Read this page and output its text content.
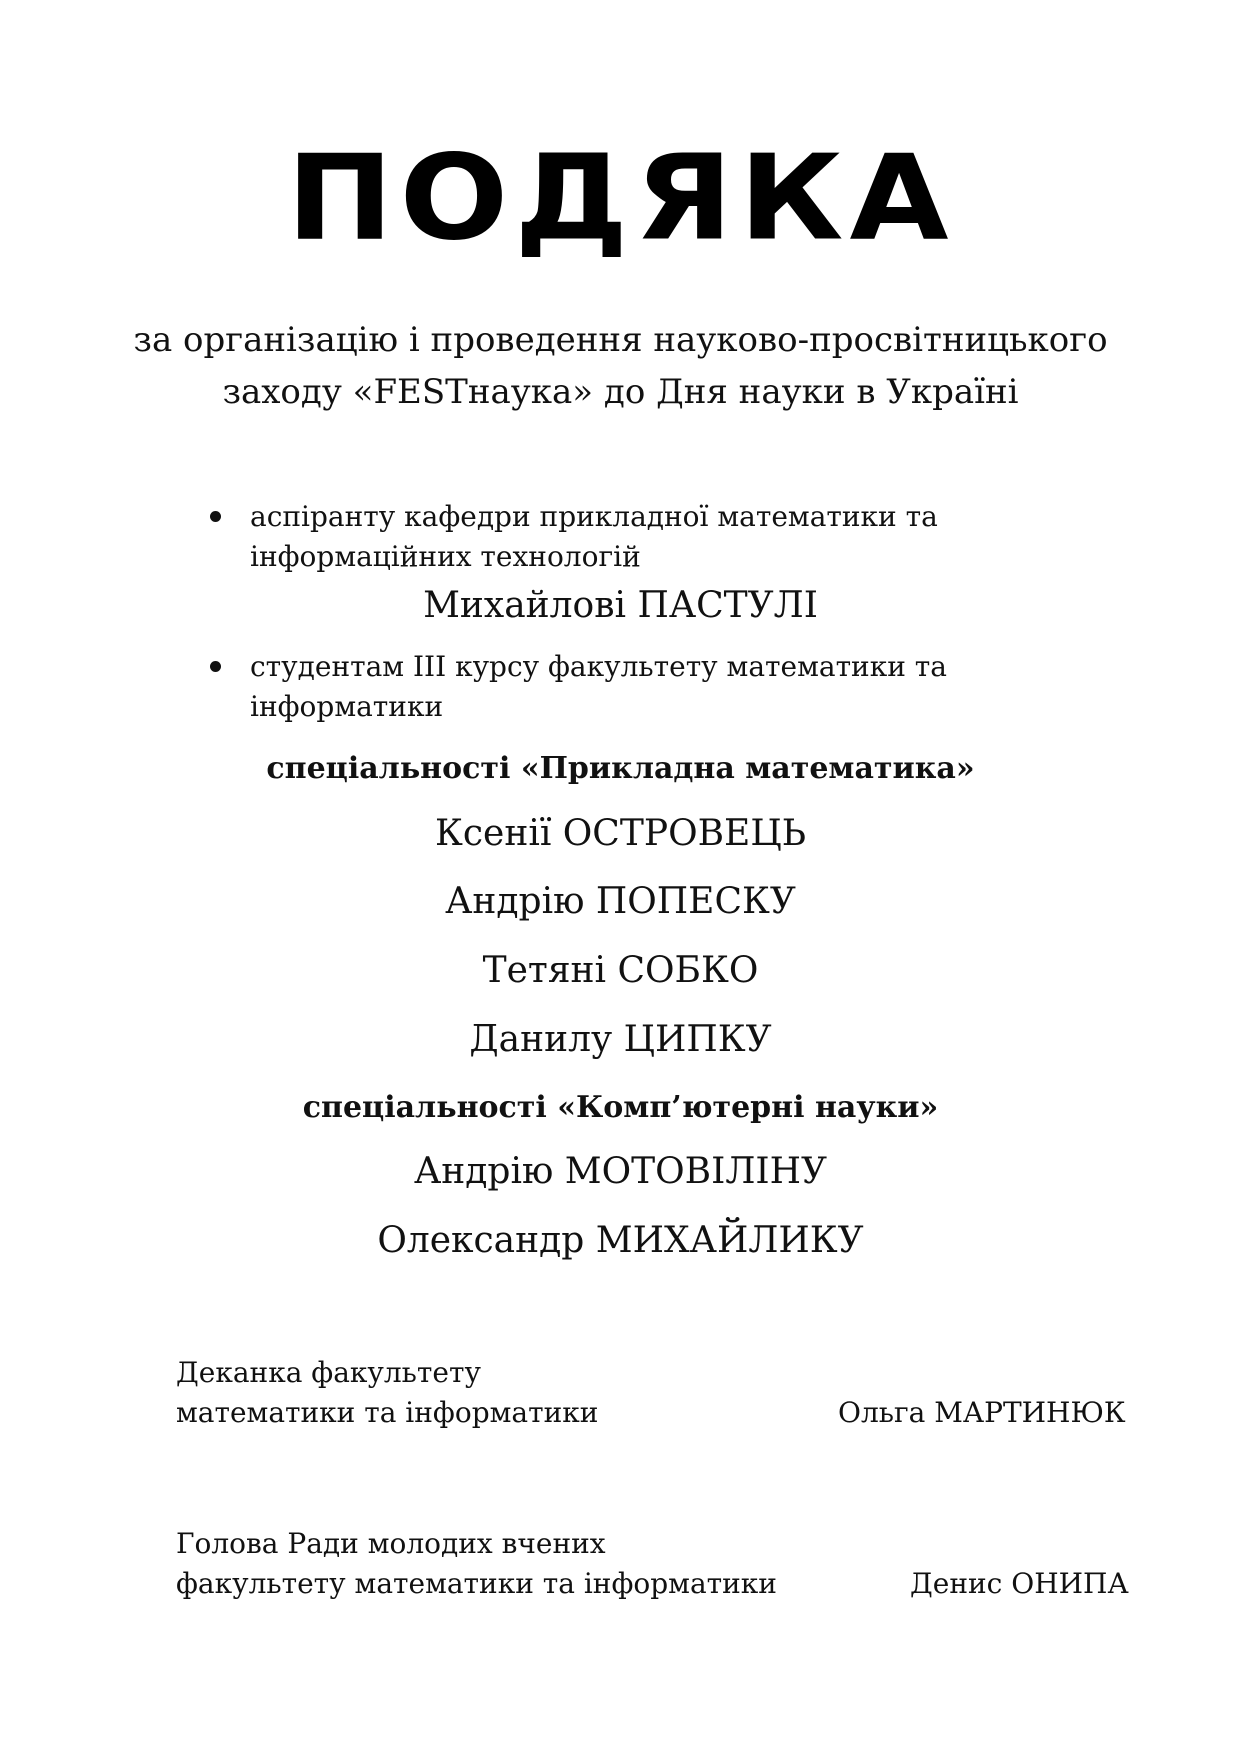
ПОДЯКА
за організацію і проведення науково-просвітницького
заходу «FESTнаука» до Дня науки в Україні
аспіранту кафедри прикладної математики та
інформаційних технологій
Михайлові ПАСТУЛІ
студентам ІІІ курсу факультету математики та
інформатики
спеціальності «Прикладна математика»
Ксенії ОСТРОВЕЦЬ
Андрію ПОПЕСКУ
Тетяні СОБКО
Данилу ЦИПКУ
спеціальності «Комп’ютерні науки»
Андрію МОТОВІЛІНУ
Олександр МИХАЙЛИКУ
Деканка факультету
математики та інформатики	Ольга МАРТИНЮК
Голова Ради молодих вчених
факультету математики та інформатики	Денис ОНИПА
